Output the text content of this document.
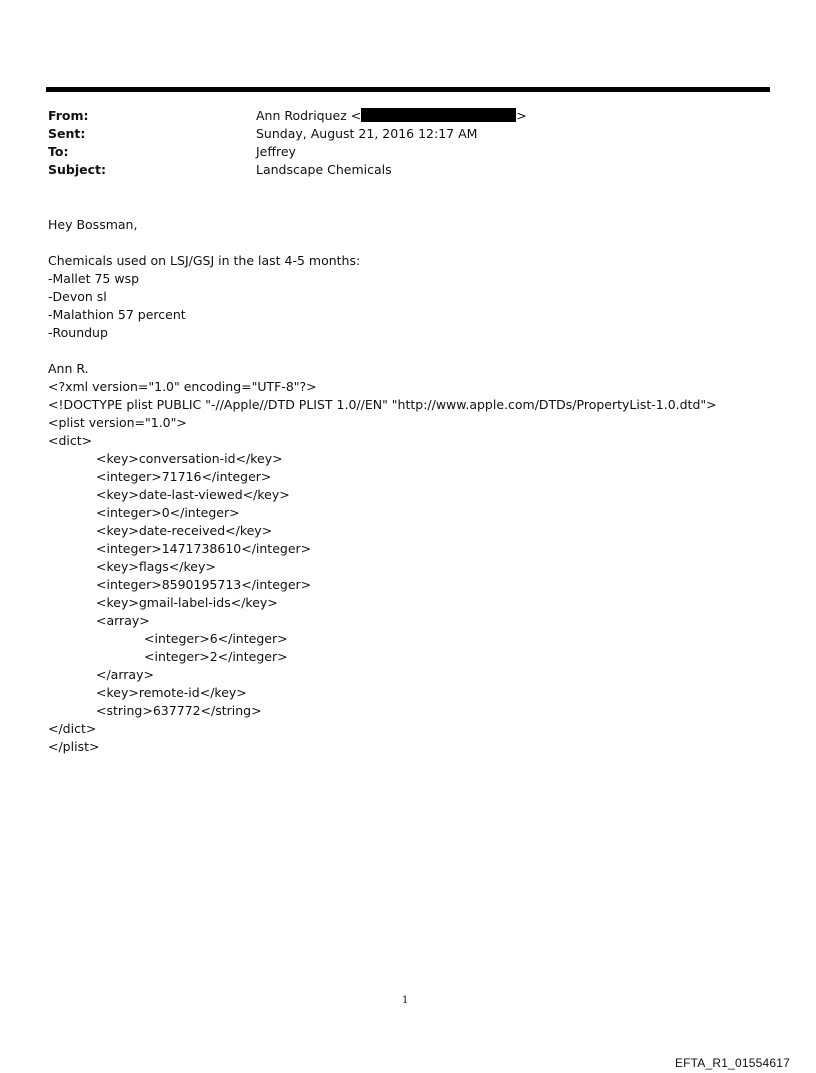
From:	Ann Rodriquez <	>
Sent:	Sunday, August 21, 2016 12:17 AM
To:	Jeffrey
Subject:	Landscape Chemicals
Hey Bossman,
Chemicals used on LSJ/GSJ in the last 4-5 months:
-Mallet 75 wsp
-Devon sl
-Malathion 57 percent
-Roundup
Ann R.
<?xml version="1.0" encoding="UTF-8"?>
<!DOCTYPE plist PUBLIC "-//Apple//DTD PLIST 1.0//EN" "http://www.apple.com/DTDs/PropertyList-1.0.dtd">
<plist version="1.0">
<dict>
<key>conversation-id</key>
<integer>71716</integer>
<key>date-last-viewed</key>
<integer>0</integer>
<key>date-received</key>
<integer>1471738610</integer>
<key>flags</key>
<integer>8590195713</integer>
<key>gmail-label-ids</key>
<array>
<integer>6</integer>
<integer>2</integer>
</array>
<key>remote-id</key>
<string>637772</string>
</dict>
</plist>
1
EFTA_R1_01554617
